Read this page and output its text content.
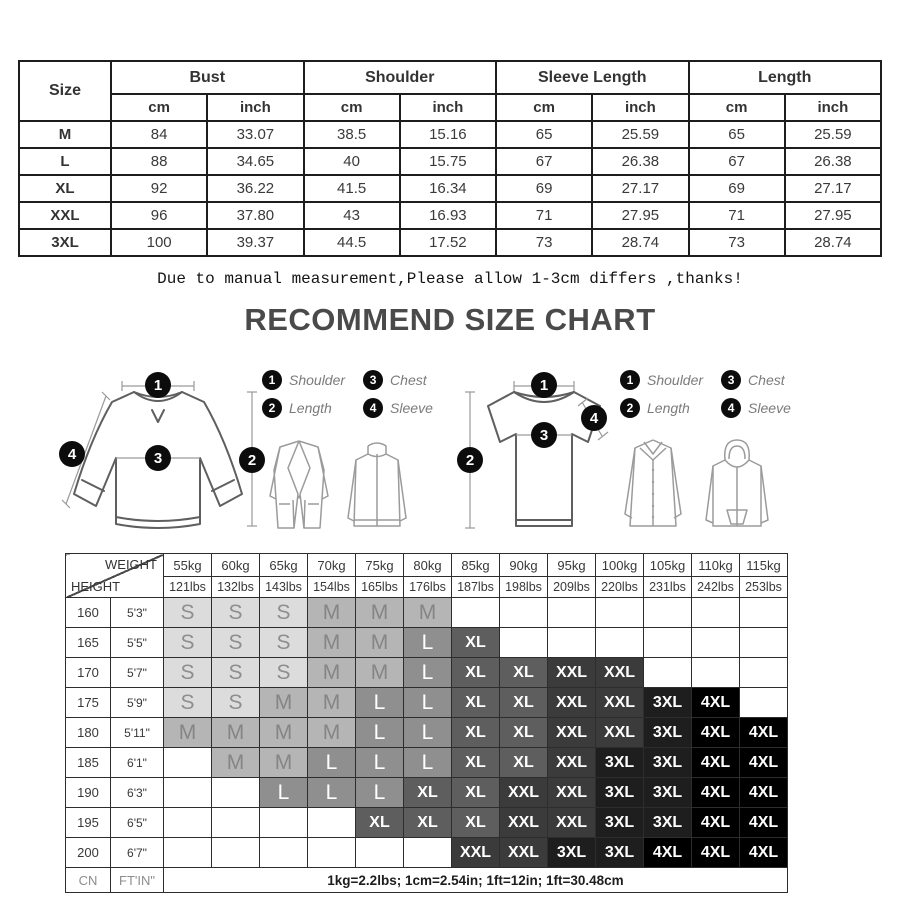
Size	Bust		Shoulder		Sleeve Length		Length	
	cm	inch	cm	inch	cm	inch	cm	inch
M	84	33.07	38.5	15.16	65	25.59	65	25.59
L	88	34.65	40	15.75	67	26.38	67	26.38
XL	92	36.22	41.5	16.34	69	27.17	69	27.17
XXL	96	37.80	43	16.93	71	27.95	71	27.95
3XL	100	39.37	44.5	17.52	73	28.74	73	28.74

Due to manual measurement,Please allow 1-3cm differs ,thanks!

RECOMMEND SIZE CHART
1
2
3
4
1 Shoulder	3 Chest
2 Length	4 Sleeve
1
2
3
4
1 Shoulder	3 Chest
2 Length	4 Sleeve
WEIGHT
HEIGHT		55kg	60kg	65kg	70kg	75kg	80kg	85kg	90kg	95kg	100kg	105kg	110kg	115kg
		121lbs	132lbs	143lbs	154lbs	165lbs	176lbs	187lbs	198lbs	209lbs	220lbs	231lbs	242lbs	253lbs
160	5'3"	S	S	S	M	M	M							
165	5'5"	S	S	S	M	M	L	XL						
170	5'7"	S	S	S	M	M	L	XL	XL	XXL	XXL			
175	5'9"	S	S	M	M	L	L	XL	XL	XXL	XXL	3XL	4XL	
180	5'11"	M	M	M	M	L	L	XL	XL	XXL	XXL	3XL	4XL	4XL
185	6'1"		M	M	L	L	L	XL	XL	XXL	3XL	3XL	4XL	4XL
190	6'3"			L	L	L	XL	XL	XXL	XXL	3XL	3XL	4XL	4XL
195	6'5"					XL	XL	XL	XXL	XXL	3XL	3XL	4XL	4XL
200	6'7"							XXL	XXL	3XL	3XL	4XL	4XL	4XL
CN	FT'IN"	1kg=2.2lbs; 1cm=2.54in; 1ft=12in; 1ft=30.48cm												
